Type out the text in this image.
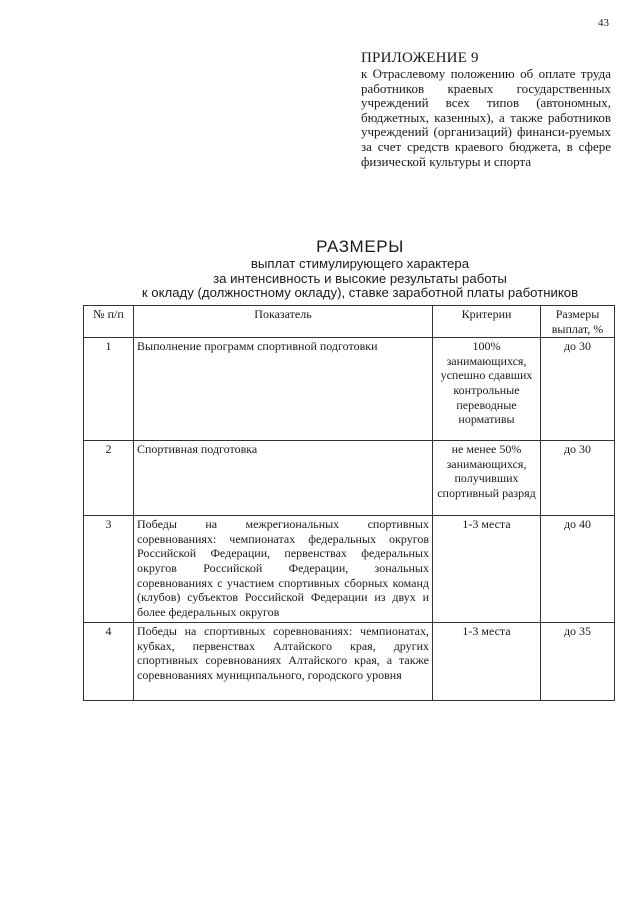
43
ПРИЛОЖЕНИЕ 9
к Отраслевому положению об оплате труда работников краевых государственных учреждений всех типов (автономных, бюджетных, казенных), а также работников учреждений (организаций) финанси-руемых за счет средств краевого бюджета, в сфере физической культуры и спорта
РАЗМЕРЫ
выплат стимулирующего характера
за интенсивность и высокие результаты работы
к окладу (должностному окладу), ставке заработной платы работников
№ п/п	Показатель	Критерии	Размеры выплат, %
1	Выполнение программ спортивной подготовки	100% занимающихся, успешно сдавших контрольные переводные нормативы	до 30
2	Спортивная подготовка	не менее 50% занимающихся, получивших спортивный разряд	до 30
3	Победы на межрегиональных спортивных соревнованиях: чемпионатах федеральных округов Российской Федерации, первенствах федеральных округов Российской Федерации, зональных соревнованиях с участием спортивных сборных команд (клубов) субъектов Российской Федерации из двух и более федеральных округов	1-3 места	до 40
4	Победы на спортивных соревнованиях: чемпионатах, кубках, первенствах Алтайского края, других спортивных соревнованиях Алтайского края, а также соревнованиях муниципального, городского уровня	1-3 места	до 35
